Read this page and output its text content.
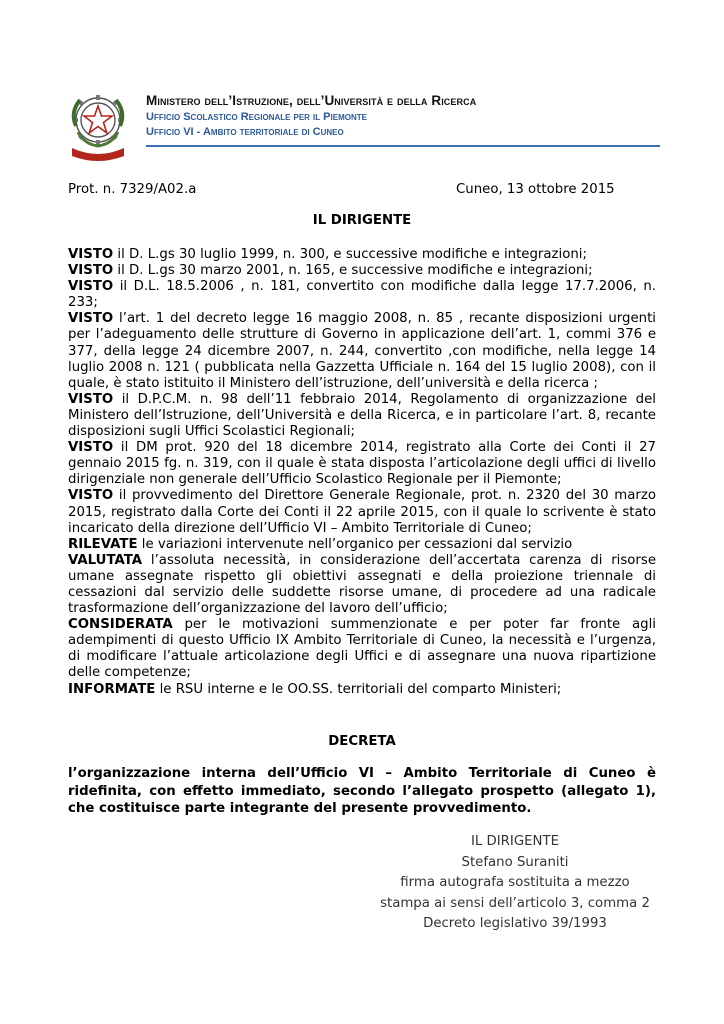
Ministero dell’Istruzione, dell’Università e della Ricerca
Ufficio Scolastico Regionale per il Piemonte
Ufficio VI - Ambito territoriale di Cuneo
Prot. n. 7329/A02.a	Cuneo, 13 ottobre 2015
IL DIRIGENTE

VISTO il D. L.gs 30 luglio 1999, n. 300, e successive modifiche e integrazioni;

VISTO il D. L.gs 30 marzo 2001, n. 165, e successive modifiche e integrazioni;

VISTO il D.L. 18.5.2006 , n. 181, convertito con modifiche dalla legge 17.7.2006, n. 233;

VISTO l’art. 1 del decreto legge 16 maggio 2008, n. 85 , recante disposizioni urgenti per l’adeguamento delle strutture di Governo in applicazione dell’art. 1, commi 376 e 377, della legge 24 dicembre 2007, n. 244, convertito ,con modifiche, nella legge 14 luglio 2008 n. 121 ( pubblicata nella Gazzetta Ufficiale n. 164 del 15 luglio 2008), con il quale, è stato istituito il Ministero dell’istruzione, dell’università e della ricerca ;

VISTO il D.P.C.M. n. 98 dell’11 febbraio 2014, Regolamento di organizzazione del Ministero dell’Istruzione, dell’Università e della Ricerca, e in particolare l’art. 8, recante disposizioni sugli Uffici Scolastici Regionali;

VISTO il DM prot. 920 del 18 dicembre 2014, registrato alla Corte dei Conti il 27 gennaio 2015 fg. n. 319, con il quale è stata disposta l’articolazione degli uffici di livello dirigenziale non generale dell’Ufficio Scolastico Regionale per il Piemonte;

VISTO il provvedimento del Direttore Generale Regionale, prot. n. 2320 del 30 marzo 2015, registrato dalla Corte dei Conti il 22 aprile 2015, con il quale lo scrivente è stato incaricato della direzione dell’Ufficio VI – Ambito Territoriale di Cuneo;

RILEVATE le variazioni intervenute nell’organico per cessazioni dal servizio

VALUTATA l’assoluta necessità, in considerazione dell’accertata carenza di risorse umane assegnate rispetto gli obiettivi assegnati e della proiezione triennale di cessazioni dal servizio delle suddette risorse umane, di procedere ad una radicale trasformazione dell’organizzazione del lavoro dell’ufficio;

CONSIDERATA per le motivazioni summenzionate e per poter far fronte agli adempimenti di questo Ufficio IX Ambito Territoriale di Cuneo, la necessità e l’urgenza, di modificare l’attuale articolazione degli Uffici e di assegnare una nuova ripartizione delle competenze;

INFORMATE le RSU interne e le OO.SS. territoriali del comparto Ministeri;

DECRETA
l’organizzazione interna dell’Ufficio VI – Ambito Territoriale di Cuneo è ridefinita, con effetto immediato, secondo l’allegato prospetto (allegato 1), che costituisce parte integrante del presente provvedimento.
IL DIRIGENTE
Stefano Suraniti
firma autografa sostituita a mezzo
stampa ai sensi dell’articolo 3, comma 2
Decreto legislativo 39/1993
